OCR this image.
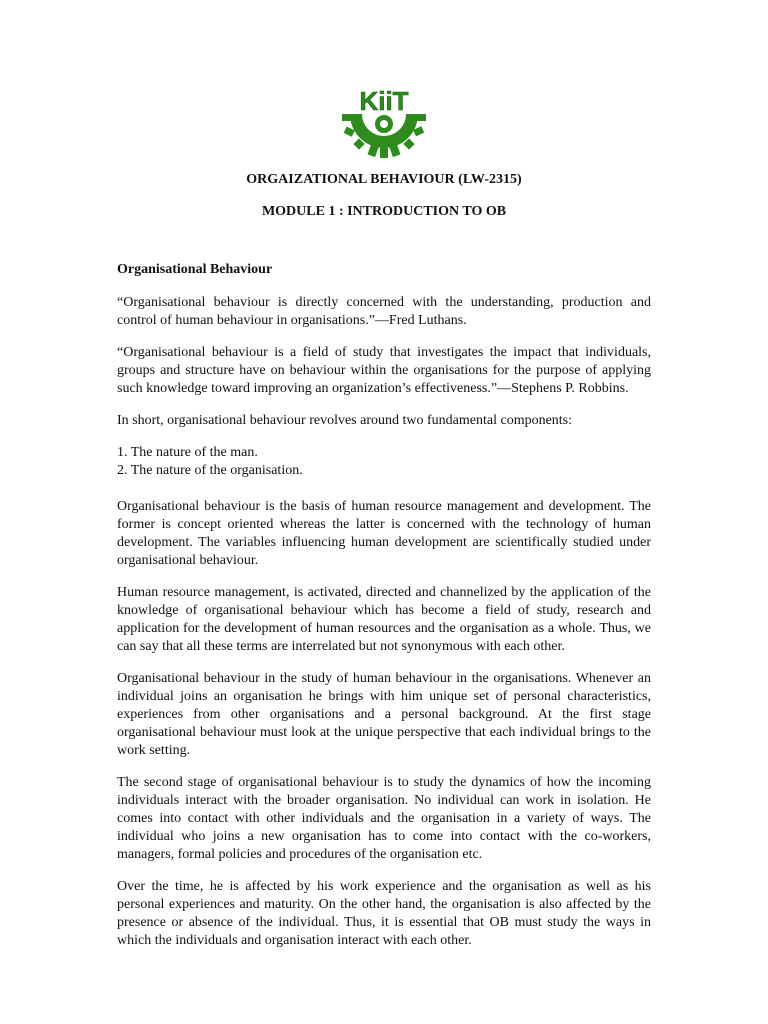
KiiT
ORGAIZATIONAL BEHAVIOUR (LW-2315)
MODULE 1 : INTRODUCTION TO OB

Organisational Behaviour

“Organisational behaviour is directly concerned with the understanding, production and control of human behaviour in organisations.”—Fred Luthans.

“Organisational behaviour is a field of study that investigates the impact that individuals, groups and structure have on behaviour within the organisations for the purpose of applying such knowledge toward improving an organization’s effectiveness.”—Stephens P. Robbins.

In short, organisational behaviour revolves around two fundamental components:

1. The nature of the man.
2. The nature of the organisation.

Organisational behaviour is the basis of human resource management and development. The former is concept oriented whereas the latter is concerned with the technology of human development. The variables influencing human development are scientifically studied under organisational behaviour.

Human resource management, is activated, directed and channelized by the application of the knowledge of organisational behaviour which has become a field of study, research and application for the development of human resources and the organisation as a whole. Thus, we can say that all these terms are interrelated but not synonymous with each other.

Organisational behaviour in the study of human behaviour in the organisations. Whenever an individual joins an organisation he brings with him unique set of personal characteristics, experiences from other organisations and a personal background. At the first stage organisational behaviour must look at the unique perspective that each individual brings to the work setting.

The second stage of organisational behaviour is to study the dynamics of how the incoming individuals interact with the broader organisation. No individual can work in isolation. He comes into contact with other individuals and the organisation in a variety of ways. The individual who joins a new organisation has to come into contact with the co-workers, managers, formal policies and procedures of the organisation etc.

Over the time, he is affected by his work experience and the organisation as well as his personal experiences and maturity. On the other hand, the organisation is also affected by the presence or absence of the individual. Thus, it is essential that OB must study the ways in which the individuals and organisation interact with each other.
